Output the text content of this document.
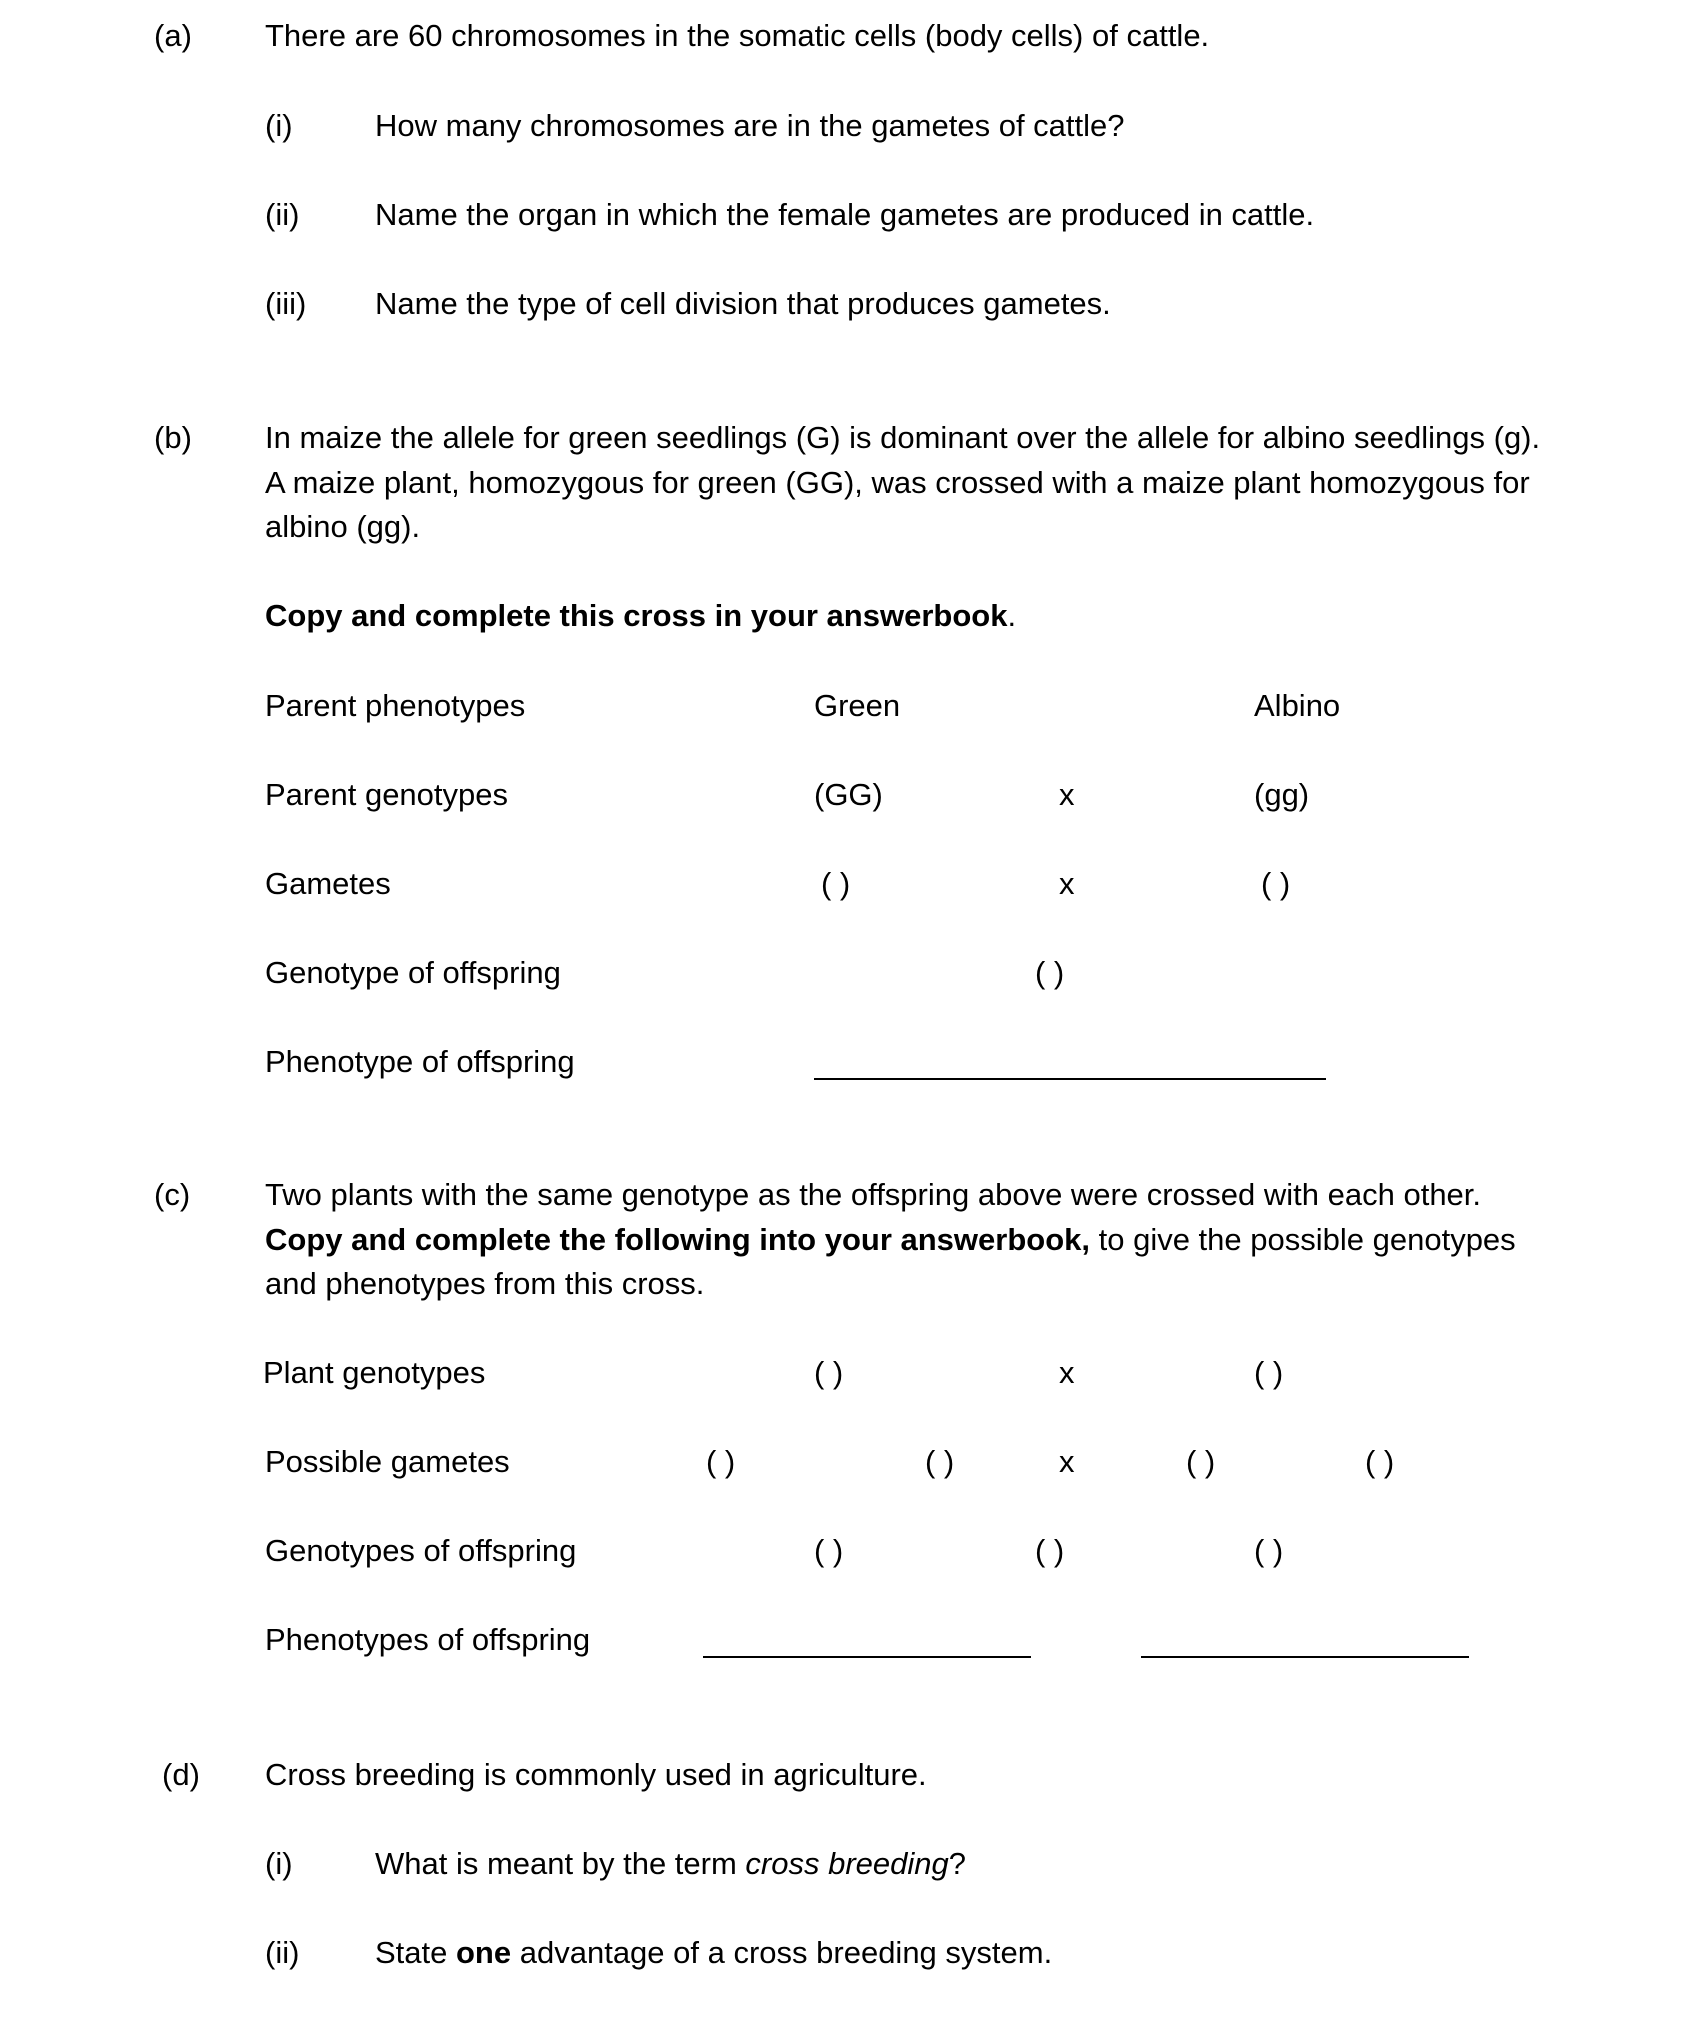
(a) There are 60 chromosomes in the somatic cells (body cells) of cattle.
(i)	How many chromosomes are in the gametes of cattle?
(ii) Name the organ in which the female gametes are produced in cattle.
(iii) Name the type of cell division that produces gametes.
(b) In maize the allele for green seedlings (G) is dominant over the allele for albino seedlings (g).
A maize plant, homozygous for green (GG), was crossed with a maize plant homozygous for
albino (gg).
Copy and complete this cross in your answerbook.
Parent phenotypes	Green	Albino
Parent genotypes	(GG)	x	(gg)
Gametes	( )	x	( )
Genotype of offspring	( )
Phenotype of offspring
(c) Two plants with the same genotype as the offspring above were crossed with each other.
Copy and complete the following into your answerbook, to give the possible genotypes
and phenotypes from this cross.
Plant genotypes	( )	x	( )
Possible gametes	( )	( )	x	( )	( )
Genotypes of offspring	( )	( )	( )
Phenotypes of offspring
(d) Cross breeding is commonly used in agriculture.
(i)	What is meant by the term cross breeding?
(ii) State one advantage of a cross breeding system.
